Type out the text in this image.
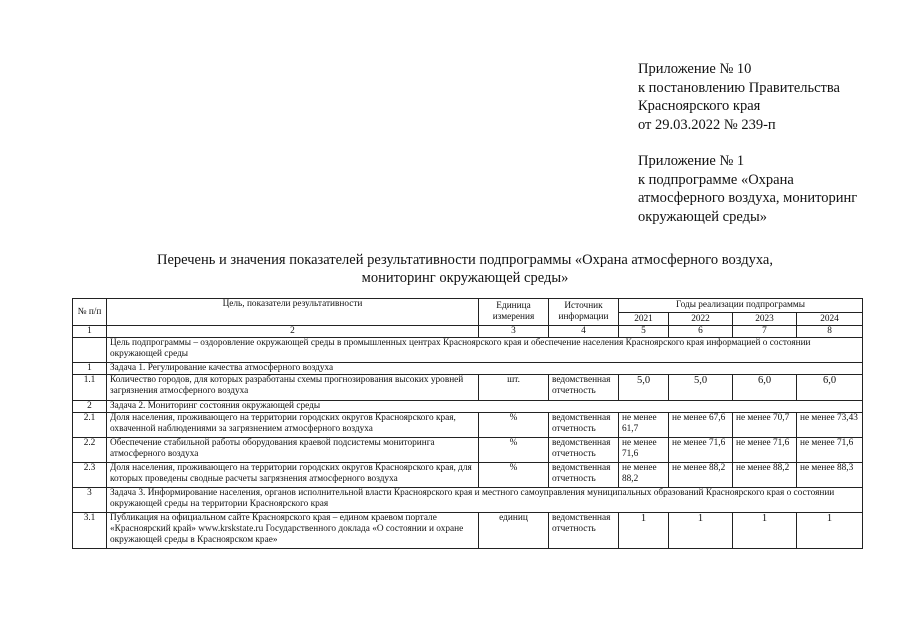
Приложение № 10
к постановлению Правительства
Красноярского края
от 29.03.2022 № 239-п
Приложение № 1
к подпрограмме «Охрана
атмосферного воздуха, мониторинг
окружающей среды»
Перечень и значения показателей результативности подпрограммы «Охрана атмосферного воздуха,
мониторинг окружающей среды»
№ п/п	Цель, показатели результативности	Единица измерения	Источник информации	Годы реализации подпрограммы			
				2021	2022	2023	2024
1	2	3	4	5	6	7	8
	Цель подпрограммы – оздоровление окружающей среды в промышленных центрах Красноярского края и обеспечение населения Красноярского края информацией о состоянии окружающей среды						
1	Задача 1. Регулирование качества атмосферного воздуха						
1.1	Количество городов, для которых разработаны схемы прогнозирования высоких уровней загрязнения атмосферного воздуха	шт.	ведомственная отчетность	5,0	5,0	6,0	6,0
2	Задача 2. Мониторинг состояния окружающей среды						
2.1	Доля населения, проживающего на территории городских округов Красноярского края, охваченной наблюдениями за загрязнением атмосферного воздуха	%	ведомственная отчетность	не менее 61,7	не менее 67,6	не менее 70,7	не менее 73,43
2.2	Обеспечение стабильной работы оборудования краевой подсистемы мониторинга атмосферного воздуха	%	ведомственная отчетность	не менее 71,6	не менее 71,6	не менее 71,6	не менее 71,6
2.3	Доля населения, проживающего на территории городских округов Красноярского края, для которых проведены сводные расчеты загрязнения атмосферного воздуха	%	ведомственная отчетность	не менее 88,2	не менее 88,2	не менее 88,2	не менее 88,3
3	Задача 3. Информирование населения, органов исполнительной власти Красноярского края и местного самоуправления муниципальных образований Красноярского края о состоянии окружающей среды на территории Красноярского края						
3.1	Публикация на официальном сайте Красноярского края – едином краевом портале «Красноярский край» www.krskstate.ru Государственного доклада «О состоянии и охране окружающей среды в Красноярском крае»	единиц	ведомственная отчетность	1	1	1	1
